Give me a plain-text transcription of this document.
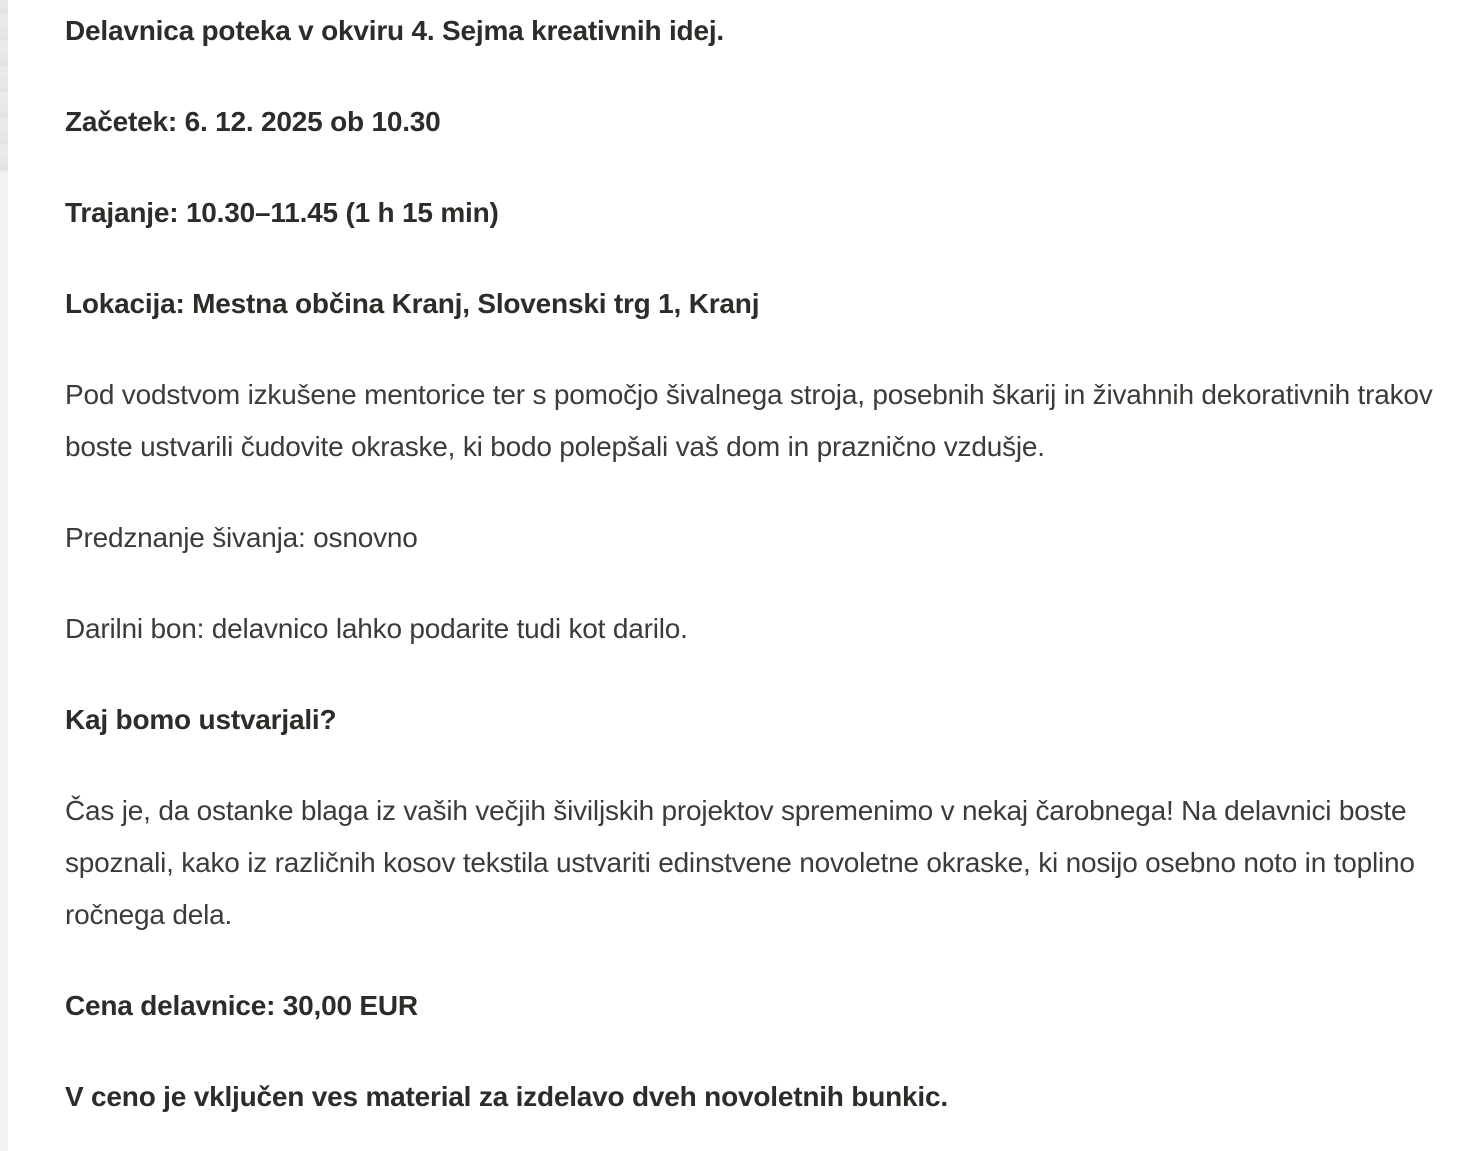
Delavnica poteka v okviru 4. Sejma kreativnih idej.

Začetek: 6. 12. 2025 ob 10.30

Trajanje: 10.30–11.45 (1 h 15 min)

Lokacija: Mestna občina Kranj, Slovenski trg 1, Kranj

Pod vodstvom izkušene mentorice ter s pomočjo šivalnega stroja, posebnih škarij in živahnih dekorativnih trakov boste ustvarili čudovite okraske, ki bodo polepšali vaš dom in praznično vzdušje.

Predznanje šivanja: osnovno

Darilni bon: delavnico lahko podarite tudi kot darilo.

Kaj bomo ustvarjali?

Čas je, da ostanke blaga iz vaših večjih šiviljskih projektov spremenimo v nekaj čarobnega! Na delavnici boste spoznali, kako iz različnih kosov tekstila ustvariti edinstvene novoletne okraske, ki nosijo osebno noto in toplino ročnega dela.

Cena delavnice: 30,00 EUR

V ceno je vključen ves material za izdelavo dveh novoletnih bunkic.
